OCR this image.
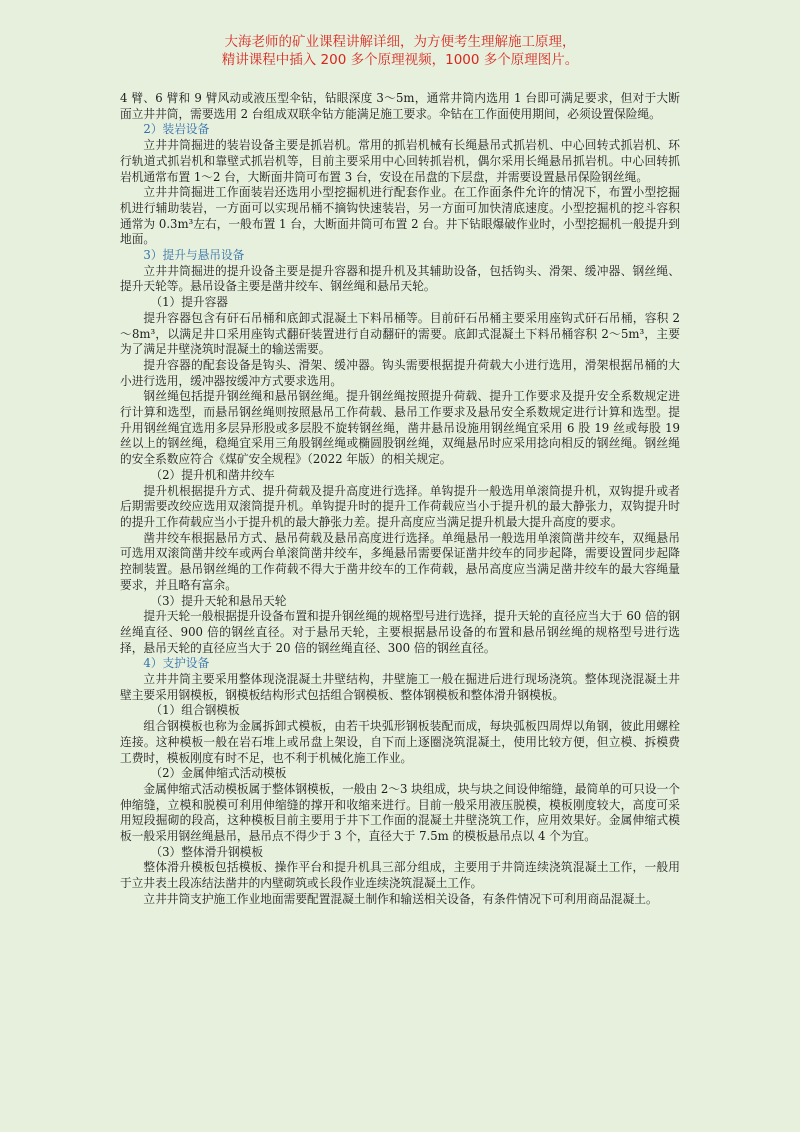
大海老师的矿业课程讲解详细，为方便考生理解施工原理，
精讲课程中插入 200 多个原理视频，1000 多个原理图片。

4 臂、6 臂和 9 臂风动或液压型伞钻，钻眼深度 3～5m，通常井筒内选用 1 台即可满足要求，但对于大断面立井井筒，需要选用 2 台组成双联伞钻方能满足施工要求。伞钻在工作面使用期间，必须设置保险绳。

2）装岩设备

立井井筒掘进的装岩设备主要是抓岩机。常用的抓岩机械有长绳悬吊式抓岩机、中心回转式抓岩机、环行轨道式抓岩机和靠壁式抓岩机等，目前主要采用中心回转抓岩机，偶尔采用长绳悬吊抓岩机。中心回转抓岩机通常布置 1～2 台，大断面井筒可布置 3 台，安设在吊盘的下层盘，并需要设置悬吊保险钢丝绳。

立井井筒掘进工作面装岩还选用小型挖掘机进行配套作业。在工作面条件允许的情况下，布置小型挖掘机进行辅助装岩，一方面可以实现吊桶不摘钩快速装岩，另一方面可加快清底速度。小型挖掘机的挖斗容积通常为 0.3m³左右，一般布置 1 台，大断面井筒可布置 2 台。井下钻眼爆破作业时，小型挖掘机一般提升到地面。

3）提升与悬吊设备

立井井筒掘进的提升设备主要是提升容器和提升机及其辅助设备，包括钩头、滑架、缓冲器、钢丝绳、提升天轮等。悬吊设备主要是凿井绞车、钢丝绳和悬吊天轮。

（1）提升容器

提升容器包含有矸石吊桶和底卸式混凝土下料吊桶等。目前矸石吊桶主要采用座钩式矸石吊桶，容积 2～8m³，以满足井口采用座钩式翻矸装置进行自动翻矸的需要。底卸式混凝土下料吊桶容积 2～5m³，主要为了满足井壁浇筑时混凝土的输送需要。

提升容器的配套设备是钩头、滑架、缓冲器。钩头需要根据提升荷载大小进行选用，滑架根据吊桶的大小进行选用，缓冲器按缓冲方式要求选用。

钢丝绳包括提升钢丝绳和悬吊钢丝绳。提升钢丝绳按照提升荷载、提升工作要求及提升安全系数规定进行计算和选型，而悬吊钢丝绳则按照悬吊工作荷载、悬吊工作要求及悬吊安全系数规定进行计算和选型。提升用钢丝绳宜选用多层异形股或多层股不旋转钢丝绳，凿井悬吊设施用钢丝绳宜采用 6 股 19 丝或每股 19 丝以上的钢丝绳，稳绳宜采用三角股钢丝绳或椭圆股钢丝绳，双绳悬吊时应采用捻向相反的钢丝绳。钢丝绳的安全系数应符合《煤矿安全规程》（2022 年版）的相关规定。

（2）提升机和凿井绞车

提升机根据提升方式、提升荷载及提升高度进行选择。单钩提升一般选用单滚筒提升机，双钩提升或者后期需要改绞应选用双滚筒提升机。单钩提升时的提升工作荷载应当小于提升机的最大静张力，双钩提升时的提升工作荷载应当小于提升机的最大静张力差。提升高度应当满足提升机最大提升高度的要求。

凿井绞车根据悬吊方式、悬吊荷载及悬吊高度进行选择。单绳悬吊一般选用单滚筒凿井绞车，双绳悬吊可选用双滚筒凿井绞车或两台单滚筒凿井绞车，多绳悬吊需要保证凿井绞车的同步起降，需要设置同步起降控制装置。悬吊钢丝绳的工作荷载不得大于凿井绞车的工作荷载，悬吊高度应当满足凿井绞车的最大容绳量要求，并且略有富余。

（3）提升天轮和悬吊天轮

提升天轮一般根据提升设备布置和提升钢丝绳的规格型号进行选择，提升天轮的直径应当大于 60 倍的钢丝绳直径、900 倍的钢丝直径。对于悬吊天轮，主要根据悬吊设备的布置和悬吊钢丝绳的规格型号进行选择，悬吊天轮的直径应当大于 20 倍的钢丝绳直径、300 倍的钢丝直径。

4）支护设备

立井井筒主要采用整体现浇混凝土井壁结构，井壁施工一般在掘进后进行现场浇筑。整体现浇混凝土井壁主要采用钢模板，钢模板结构形式包括组合钢模板、整体钢模板和整体滑升钢模板。

（1）组合钢模板

组合钢模板也称为金属拆卸式模板，由若干块弧形钢板装配而成，每块弧板四周焊以角钢，彼此用螺栓连接。这种模板一般在岩石堆上或吊盘上架设，自下而上逐圈浇筑混凝土，使用比较方便，但立模、拆模费工费时，模板刚度有时不足，也不利于机械化施工作业。

（2）金属伸缩式活动模板

金属伸缩式活动模板属于整体钢模板，一般由 2～3 块组成，块与块之间设伸缩缝，最简单的可只设一个伸缩缝，立模和脱模可利用伸缩缝的撑开和收缩来进行。目前一般采用液压脱模，模板刚度较大，高度可采用短段掘砌的段高，这种模板目前主要用于井下工作面的混凝土井壁浇筑工作，应用效果好。金属伸缩式模板一般采用钢丝绳悬吊，悬吊点不得少于 3 个，直径大于 7.5m 的模板悬吊点以 4 个为宜。

（3）整体滑升钢模板

整体滑升模板包括模板、操作平台和提升机具三部分组成，主要用于井筒连续浇筑混凝土工作，一般用于立井表土段冻结法凿井的内壁砌筑或长段作业连续浇筑混凝土工作。

立井井筒支护施工作业地面需要配置混凝土制作和输送相关设备，有条件情况下可利用商品混凝土。
